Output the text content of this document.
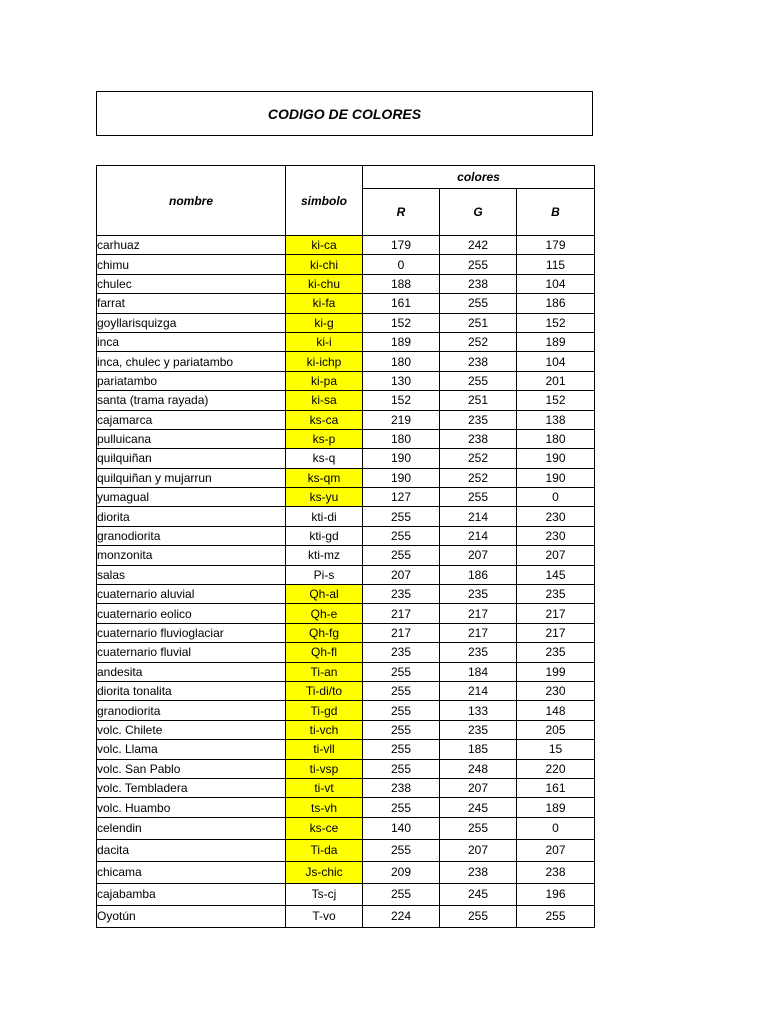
CODIGO DE COLORES
nombre	simbolo	colores		
		R	G	B
carhuaz	ki-ca	179	242	179
chimu	ki-chi	0	255	115
chulec	ki-chu	188	238	104
farrat	ki-fa	161	255	186
goyllarisquizga	ki-g	152	251	152
inca	ki-i	189	252	189
inca, chulec y pariatambo	ki-ichp	180	238	104
pariatambo	ki-pa	130	255	201
santa (trama rayada)	ki-sa	152	251	152
cajamarca	ks-ca	219	235	138
pulluicana	ks-p	180	238	180
quilquiñan	ks-q	190	252	190
quilquiñan y mujarrun	ks-qm	190	252	190
yumagual	ks-yu	127	255	0
diorita	kti-di	255	214	230
granodiorita	kti-gd	255	214	230
monzonita	kti-mz	255	207	207
salas	Pi-s	207	186	145
cuaternario aluvial	Qh-al	235	235	235
cuaternario eolico	Qh-e	217	217	217
cuaternario fluvioglaciar	Qh-fg	217	217	217
cuaternario fluvial	Qh-fl	235	235	235
andesita	Ti-an	255	184	199
diorita tonalita	Ti-di/to	255	214	230
granodiorita	Ti-gd	255	133	148
volc. Chilete	ti-vch	255	235	205
volc. Llama	ti-vll	255	185	15
volc. San Pablo	ti-vsp	255	248	220
volc. Tembladera	ti-vt	238	207	161
volc. Huambo	ts-vh	255	245	189
celendin	ks-ce	140	255	0
dacita	Ti-da	255	207	207
chicama	Js-chic	209	238	238
cajabamba	Ts-cj	255	245	196
Oyotún	T-vo	224	255	255
